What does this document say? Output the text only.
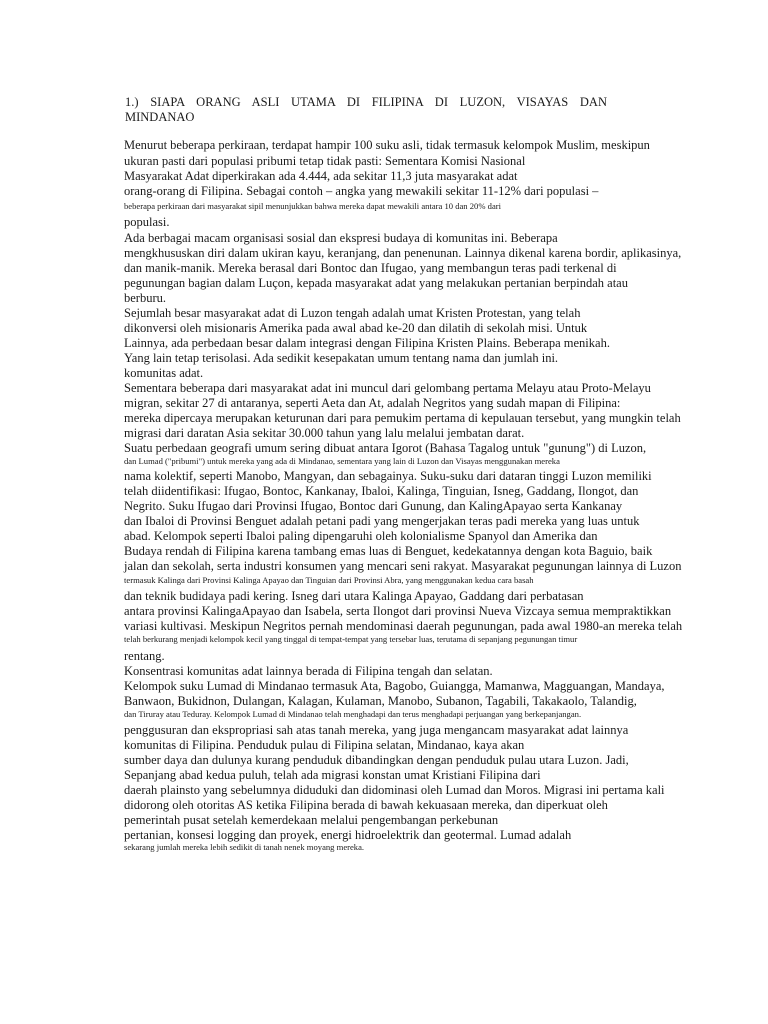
1.) SIAPA ORANG ASLI UTAMA DI FILIPINA DI LUZON, VISAYAS DAN
MINDANAO

Menurut beberapa perkiraan, terdapat hampir 100 suku asli, tidak termasuk kelompok Muslim, meskipun

ukuran pasti dari populasi pribumi tetap tidak pasti: Sementara Komisi Nasional

Masyarakat Adat diperkirakan ada 4.444, ada sekitar 11,3 juta masyarakat adat

orang-orang di Filipina. Sebagai contoh – angka yang mewakili sekitar 11-12% dari populasi –

beberapa perkiraan dari masyarakat sipil menunjukkan bahwa mereka dapat mewakili antara 10 dan 20% dari

populasi.

Ada berbagai macam organisasi sosial dan ekspresi budaya di komunitas ini. Beberapa

mengkhususkan diri dalam ukiran kayu, keranjang, dan penenunan. Lainnya dikenal karena bordir, aplikasinya,

dan manik-manik. Mereka berasal dari Bontoc dan Ifugao, yang membangun teras padi terkenal di

pegunungan bagian dalam Luçon, kepada masyarakat adat yang melakukan pertanian berpindah atau

berburu.

Sejumlah besar masyarakat adat di Luzon tengah adalah umat Kristen Protestan, yang telah

dikonversi oleh misionaris Amerika pada awal abad ke-20 dan dilatih di sekolah misi. Untuk

Lainnya, ada perbedaan besar dalam integrasi dengan Filipina Kristen Plains. Beberapa menikah.

Yang lain tetap terisolasi. Ada sedikit kesepakatan umum tentang nama dan jumlah ini.

komunitas adat.

Sementara beberapa dari masyarakat adat ini muncul dari gelombang pertama Melayu atau Proto-Melayu

migran, sekitar 27 di antaranya, seperti Aeta dan At, adalah Negritos yang sudah mapan di Filipina:

mereka dipercaya merupakan keturunan dari para pemukim pertama di kepulauan tersebut, yang mungkin telah

migrasi dari daratan Asia sekitar 30.000 tahun yang lalu melalui jembatan darat.

Suatu perbedaan geografi umum sering dibuat antara Igorot (Bahasa Tagalog untuk "gunung") di Luzon,

dan Lumad ("pribumi") untuk mereka yang ada di Mindanao, sementara yang lain di Luzon dan Visayas menggunakan mereka

nama kolektif, seperti Manobo, Mangyan, dan sebagainya. Suku-suku dari dataran tinggi Luzon memiliki

telah diidentifikasi: Ifugao, Bontoc, Kankanay, Ibaloi, Kalinga, Tinguian, Isneg, Gaddang, Ilongot, dan

Negrito. Suku Ifugao dari Provinsi Ifugao, Bontoc dari Gunung, dan KalingApayao serta Kankanay

dan Ibaloi di Provinsi Benguet adalah petani padi yang mengerjakan teras padi mereka yang luas untuk

abad. Kelompok seperti Ibaloi paling dipengaruhi oleh kolonialisme Spanyol dan Amerika dan

Budaya rendah di Filipina karena tambang emas luas di Benguet, kedekatannya dengan kota Baguio, baik

jalan dan sekolah, serta industri konsumen yang mencari seni rakyat. Masyarakat pegunungan lainnya di Luzon

termasuk Kalinga dari Provinsi Kalinga Apayao dan Tinguian dari Provinsi Abra, yang menggunakan kedua cara basah

dan teknik budidaya padi kering. Isneg dari utara Kalinga Apayao, Gaddang dari perbatasan

antara provinsi KalingaApayao dan Isabela, serta Ilongot dari provinsi Nueva Vizcaya semua mempraktikkan

variasi kultivasi. Meskipun Negritos pernah mendominasi daerah pegunungan, pada awal 1980-an mereka telah

telah berkurang menjadi kelompok kecil yang tinggal di tempat-tempat yang tersebar luas, terutama di sepanjang pegunungan timur

rentang.

Konsentrasi komunitas adat lainnya berada di Filipina tengah dan selatan.

Kelompok suku Lumad di Mindanao termasuk Ata, Bagobo, Guiangga, Mamanwa, Magguangan, Mandaya,

Banwaon, Bukidnon, Dulangan, Kalagan, Kulaman, Manobo, Subanon, Tagabili, Takakaolo, Talandig,

dan Tiruray atau Teduray. Kelompok Lumad di Mindanao telah menghadapi dan terus menghadapi perjuangan yang berkepanjangan.

penggusuran dan ekspropriasi sah atas tanah mereka, yang juga mengancam masyarakat adat lainnya

komunitas di Filipina. Penduduk pulau di Filipina selatan, Mindanao, kaya akan

sumber daya dan dulunya kurang penduduk dibandingkan dengan penduduk pulau utara Luzon. Jadi,

Sepanjang abad kedua puluh, telah ada migrasi konstan umat Kristiani Filipina dari

daerah plainsto yang sebelumnya diduduki dan didominasi oleh Lumad dan Moros. Migrasi ini pertama kali

didorong oleh otoritas AS ketika Filipina berada di bawah kekuasaan mereka, dan diperkuat oleh

pemerintah pusat setelah kemerdekaan melalui pengembangan perkebunan

pertanian, konsesi logging dan proyek, energi hidroelektrik dan geotermal. Lumad adalah

sekarang jumlah mereka lebih sedikit di tanah nenek moyang mereka.
